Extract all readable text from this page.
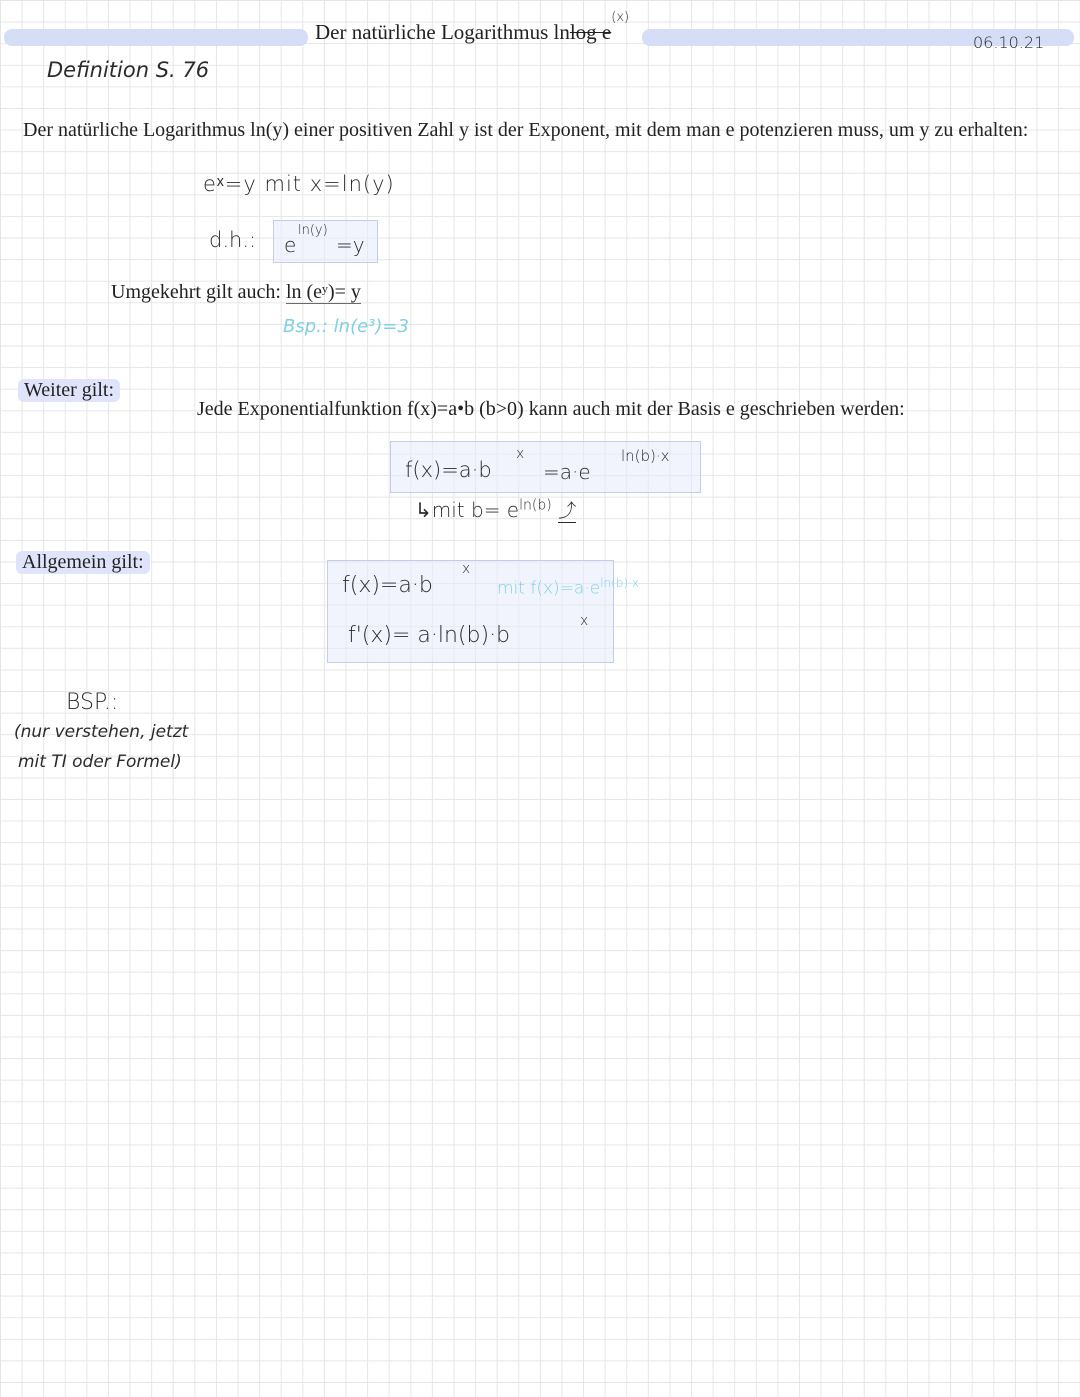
Der natürliche Logarithmus lnlog $e^{(x)}$
06.10.21
Definition S. 76
Der natürliche Logarithmus ln(y) einer positiven Zahl y ist der Exponent, mit dem man e potenzieren muss, um y zu erhalten:
eˣ=y mit x=ln(y)
d.h.: e
ln(y)
=y
Umgekehrt gilt auch: ln (eʸ)= y
Bsp.: ln(e³)=3
Weiter gilt:
Jede Exponentialfunktion f(x)=a•b (b>0) kann auch mit der Basis e geschrieben werden:
f(x)=a·b
x
=a·e
ln(b)·x
↳mit $b= e^{ln(b)}$ ⤴
Allgemein gilt:
f(x)=a·b
x
f'(x)= a·ln(b)·b
x
mit $f(x)=a\cdot e^{ln(b)\cdot x}$
BSP.:
(nur verstehen, jetzt
mit TI oder Formel)
